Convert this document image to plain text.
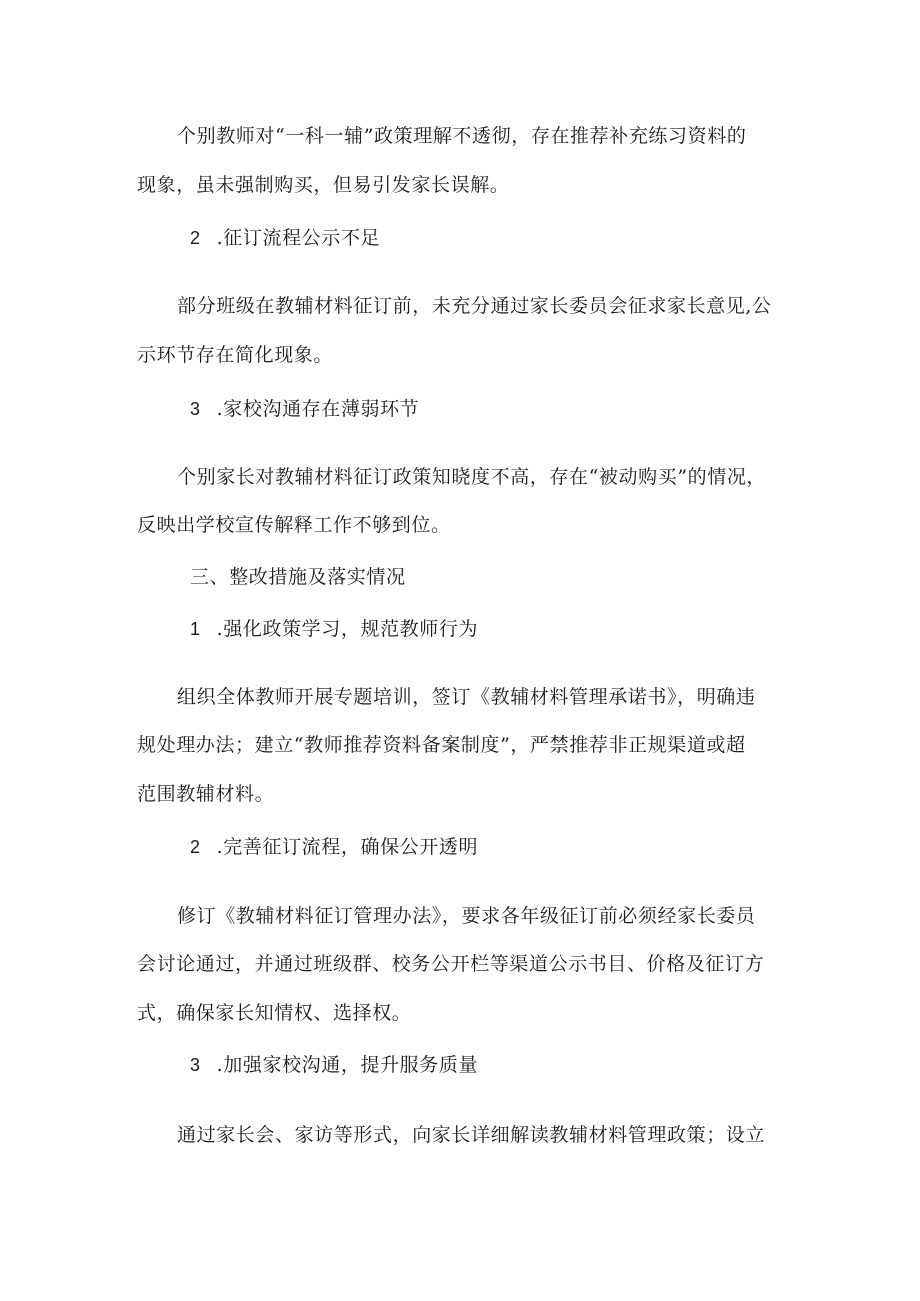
个别教师对“一科一辅”政策理解不透彻，存在推荐补充练习资料的
现象，虽未强制购买，但易引发家长误解。
2 .征订流程公示不足
部分班级在教辅材料征订前，未充分通过家长委员会征求家长意见,公
示环节存在简化现象。
3 .家校沟通存在薄弱环节
个别家长对教辅材料征订政策知晓度不高，存在“被动购买”的情况，
反映出学校宣传解释工作不够到位。
三、整改措施及落实情况
1 .强化政策学习，规范教师行为
组织全体教师开展专题培训，签订《教辅材料管理承诺书》，明确违
规处理办法；建立“教师推荐资料备案制度”，严禁推荐非正规渠道或超
范围教辅材料。
2 .完善征订流程，确保公开透明
修订《教辅材料征订管理办法》，要求各年级征订前必须经家长委员
会讨论通过，并通过班级群、校务公开栏等渠道公示书目、价格及征订方
式，确保家长知情权、选择权。
3 .加强家校沟通，提升服务质量
通过家长会、家访等形式，向家长详细解读教辅材料管理政策；设立
